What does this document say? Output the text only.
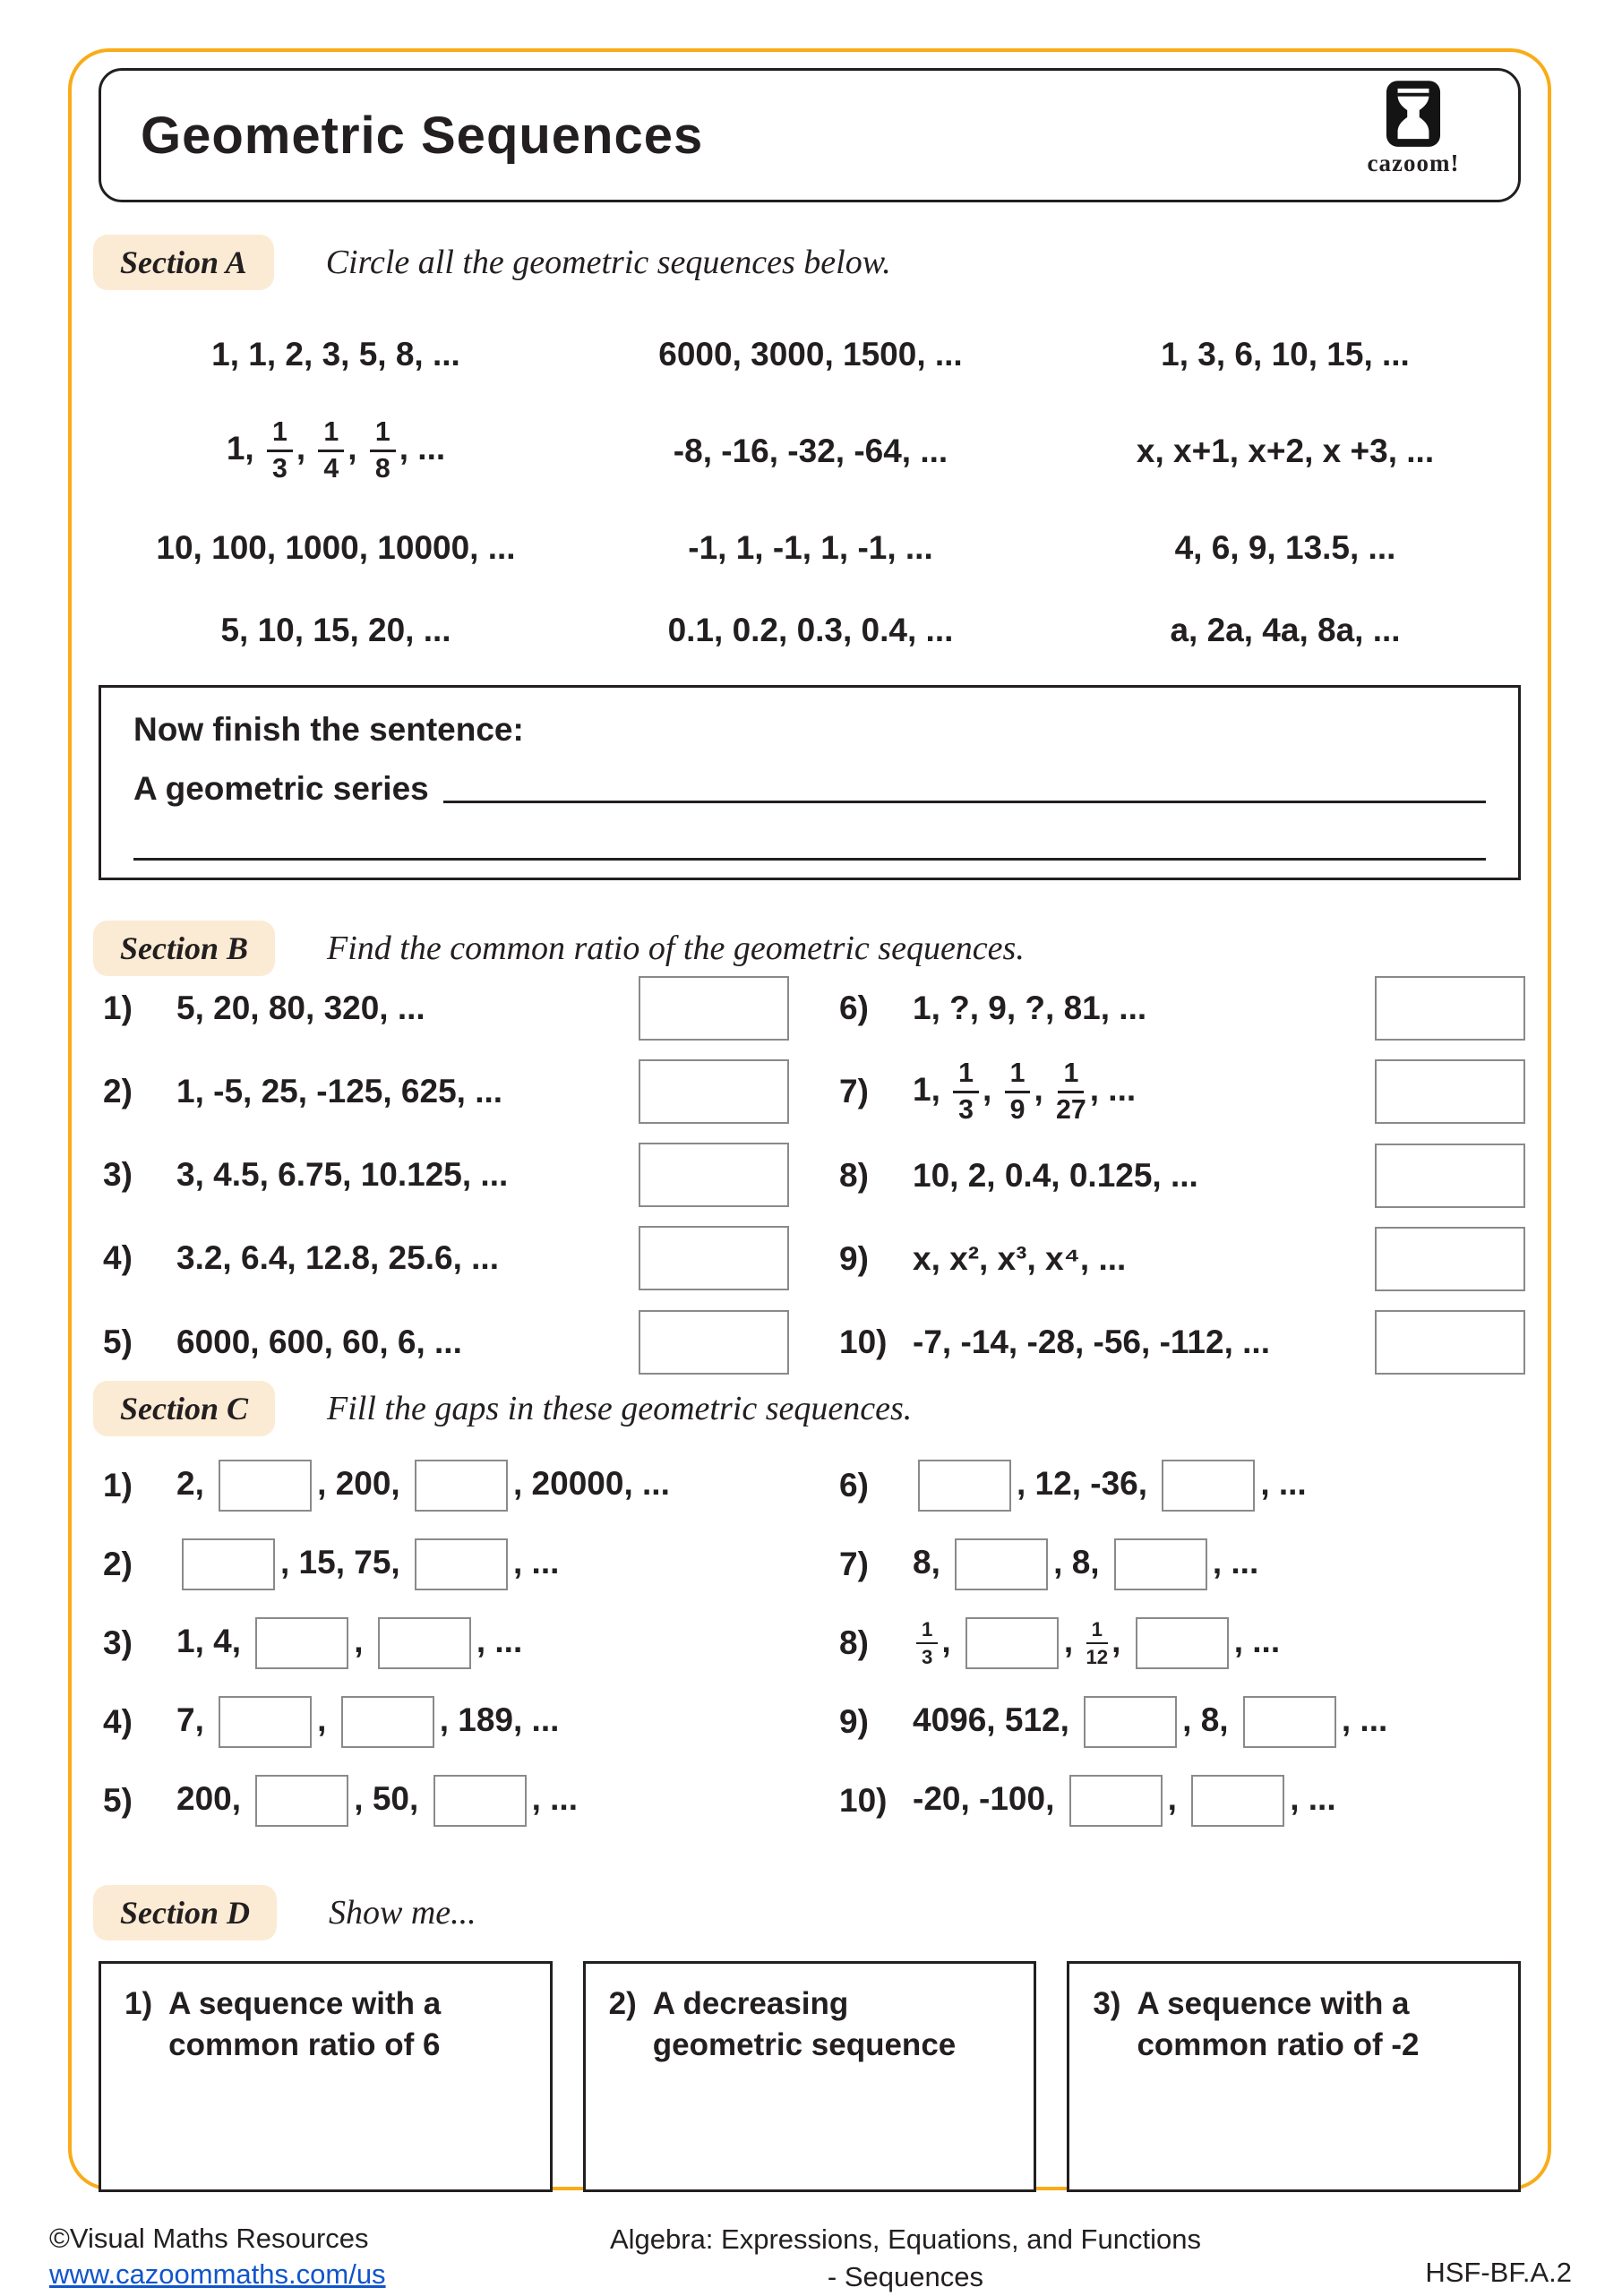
Geometric Sequences	cazoom!
Section A	Circle all the geometric sequences below.
1, 1, 2, 3, 5, 8, ...	6000, 3000, 1500, ...	1, 3, 6, 10, 15, ...
1, $\frac{1}{3}$ , $\frac{1}{4}$ , $\frac{1}{8}$ , ...	-8, -16, -32, -64, ...	x, x+1, x+2, x +3, ...
10, 100, 1000, 10000, ...	-1, 1, -1, 1, -1, ...	4, 6, 9, 13.5, ...
5, 10, 15, 20, ...	0.1, 0.2, 0.3, 0.4, ...	a, 2a, 4a, 8a, ...
Now finish the sentence:
A geometric series
Section B	Find the common ratio of the geometric sequences.
1)	5, 20, 80, 320, ...
2)	1, -5, 25, -125, 625, ...
3)	3, 4.5, 6.75, 10.125, ...
4)	3.2, 6.4, 12.8, 25.6, ...
5)	6000, 600, 60, 6, ...
6)	1, ?, 9, ?, 81, ...
7)	1, $\frac{1}{3}$ , $\frac{1}{9}$ , $\frac{1}{27}$ , ...
8)	10, 2, 0.4, 0.125, ...
9)	x, x², x³, x⁴, ...
10) -7, -14, -28, -56, -112, ...
Section C	Fill the gaps in these geometric sequences.
1)	2,	, 200,	, 20000, ...
2)	, 15, 75,	, ...
3)	1, 4,	,	, ...
4)	7,	,	, 189, ...
5)	200,	, 50,	, ...
6)	, 12, -36,	, ...
7)	8,	, 8,	, ...
8)	$\frac{1}{3}$ ,	, $\frac{1}{12}$ ,	, ...
9)	4096, 512,	, 8,	, ...
10) -20, -100,	,	, ...
Section D	Show me...
1) A sequence with a common ratio of 6
2) A decreasing geometric sequence
3) A sequence with a common ratio of -2
©Visual Maths Resources
www.cazoommaths.com/us
Algebra: Expressions, Equations, and Functions - Sequences	HSF-BF.A.2
